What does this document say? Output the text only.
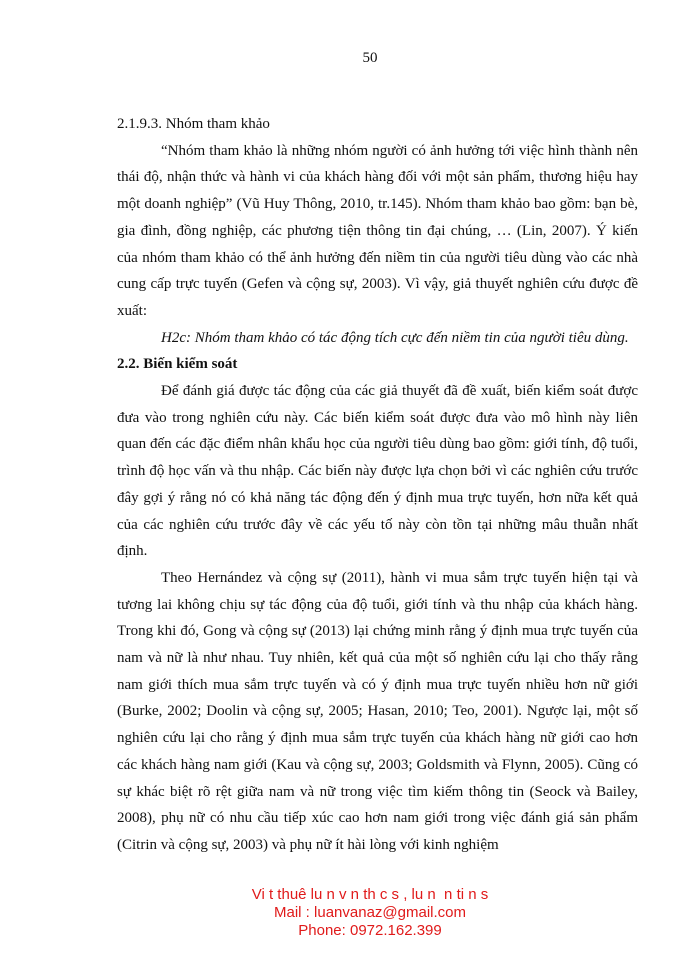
50

2.1.9.3. Nhóm tham khảo

“Nhóm tham khảo là những nhóm người có ảnh hưởng tới việc hình thành nên thái độ, nhận thức và hành vi của khách hàng đối với một sản phẩm, thương hiệu hay một doanh nghiệp” (Vũ Huy Thông, 2010, tr.145). Nhóm tham khảo bao gồm: bạn bè, gia đình, đồng nghiệp, các phương tiện thông tin đại chúng, … (Lin, 2007). Ý kiến của nhóm tham khảo có thể ảnh hưởng đến niềm tin của người tiêu dùng vào các nhà cung cấp trực tuyến (Gefen và cộng sự, 2003). Vì vậy, giả thuyết nghiên cứu được đề xuất:

H2c: Nhóm tham khảo có tác động tích cực đến niềm tin của người tiêu dùng.

2.2. Biến kiểm soát

Để đánh giá được tác động của các giả thuyết đã đề xuất, biến kiểm soát được đưa vào trong nghiên cứu này. Các biến kiểm soát được đưa vào mô hình này liên quan đến các đặc điểm nhân khẩu học của người tiêu dùng bao gồm: giới tính, độ tuổi, trình độ học vấn và thu nhập. Các biến này được lựa chọn bởi vì các nghiên cứu trước đây gợi ý rằng nó có khả năng tác động đến ý định mua trực tuyến, hơn nữa kết quả của các nghiên cứu trước đây về các yếu tố này còn tồn tại những mâu thuẫn nhất định.

Theo Hernández và cộng sự (2011), hành vi mua sắm trực tuyến hiện tại và tương lai không chịu sự tác động của độ tuổi, giới tính và thu nhập của khách hàng. Trong khi đó, Gong và cộng sự (2013) lại chứng minh rằng ý định mua trực tuyến của nam và nữ là như nhau. Tuy nhiên, kết quả của một số nghiên cứu lại cho thấy rằng nam giới thích mua sắm trực tuyến và có ý định mua trực tuyến nhiều hơn nữ giới (Burke, 2002; Doolin và cộng sự, 2005; Hasan, 2010; Teo, 2001). Ngược lại, một số nghiên cứu lại cho rằng ý định mua sắm trực tuyến của khách hàng nữ giới cao hơn các khách hàng nam giới (Kau và cộng sự, 2003; Goldsmith và Flynn, 2005). Cũng có sự khác biệt rõ rệt giữa nam và nữ trong việc tìm kiếm thông tin (Seock và Bailey, 2008), phụ nữ có nhu cầu tiếp xúc cao hơn nam giới trong việc đánh giá sản phẩm (Citrin và cộng sự, 2003) và phụ nữ ít hài lòng với kinh nghiệm

Vi t thuê lu n v n th c s , lu n  n ti n s
Mail : luanvanaz@gmail.com
Phone: 0972.162.399
